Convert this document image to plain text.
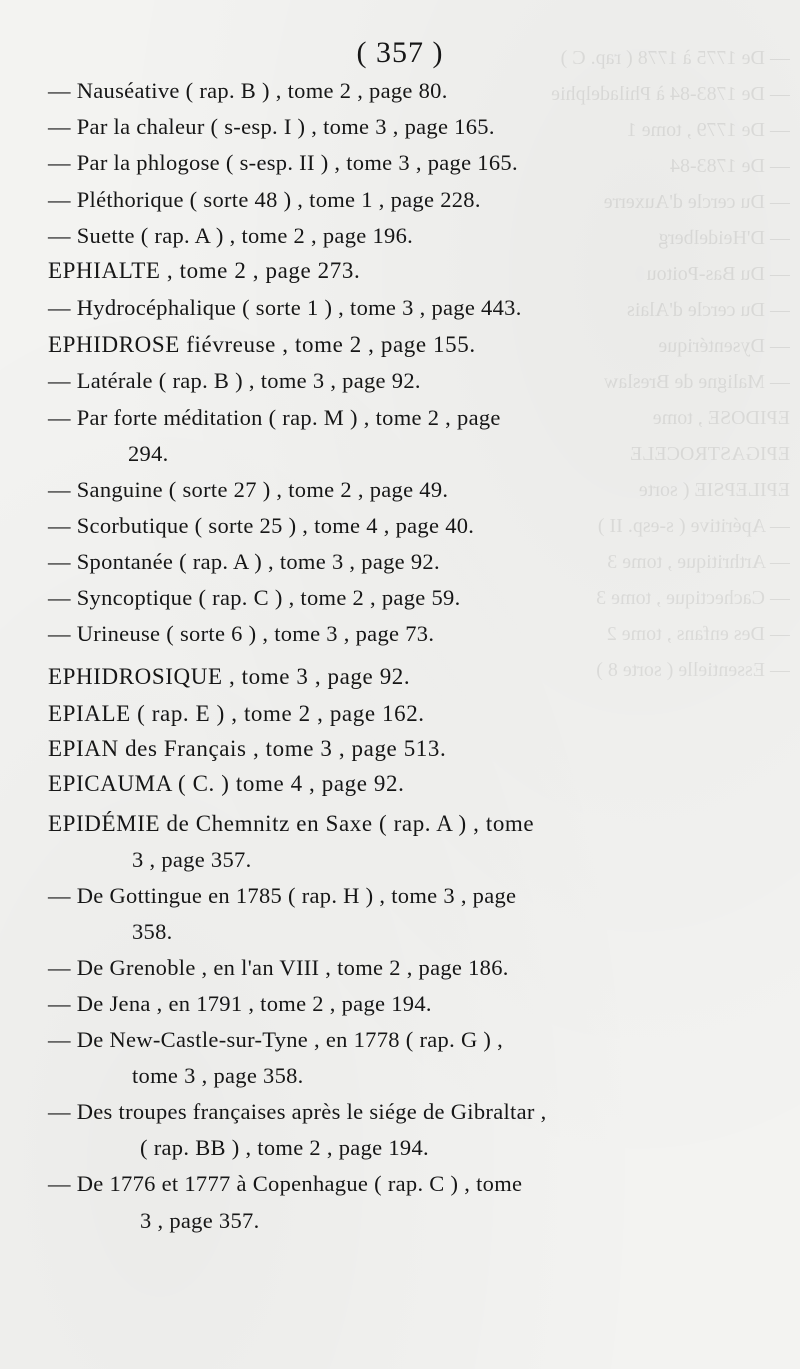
— De 1775 à 1778 ( rap. C )
— De 1783-84 à Philadelphie
— De 1779 , tome 1
— De 1783-84
— Du cercle d'Auxerre
— D'Heidelberg
— Du Bas-Poitou
— Du cercle d'Alais
— Dysentérique
— Maligne de Breslaw
EPIDOSE , tome
EPIGASTROCELE
EPILEPSIE ( sorte
— Apéritive ( s-esp. II )
— Arthritique , tome 3
— Cachectique , tome 3
— Des enfans , tome 2
— Essentielle ( sorte 8 )
( 357 )
— Nauséative ( rap. B ) , tome 2 , page 80.
— Par la chaleur ( s-esp. I ) , tome 3 , page 165.
— Par la phlogose ( s-esp. II ) , tome 3 , page 165.
— Pléthorique ( sorte 48 ) , tome 1 , page 228.
— Suette ( rap. A ) , tome 2 , page 196.
EPHIALTE , tome 2 , page 273.
— Hydrocéphalique ( sorte 1 ) , tome 3 , page 443.
EPHIDROSE fiévreuse , tome 2 , page 155.
— Latérale ( rap. B ) , tome 3 , page 92.
— Par forte méditation ( rap. M ) , tome 2 , page
294.
— Sanguine ( sorte 27 ) , tome 2 , page 49.
— Scorbutique ( sorte 25 ) , tome 4 , page 40.
— Spontanée ( rap. A ) , tome 3 , page 92.
— Syncoptique ( rap. C ) , tome 2 , page 59.
— Urineuse ( sorte 6 ) , tome 3 , page 73.
EPHIDROSIQUE , tome 3 , page 92.
EPIALE ( rap. E ) , tome 2 , page 162.
EPIAN des Français , tome 3 , page 513.
EPICAUMA ( C. ) tome 4 , page 92.
EPIDÉMIE de Chemnitz en Saxe ( rap. A ) , tome
3 , page 357.
— De Gottingue en 1785 ( rap. H ) , tome 3 , page
358.
— De Grenoble , en l'an VIII , tome 2 , page 186.
— De Jena , en 1791 , tome 2 , page 194.
— De New-Castle-sur-Tyne , en 1778 ( rap. G ) ,
tome 3 , page 358.
— Des troupes françaises après le siége de Gibraltar ,
( rap. BB ) , tome 2 , page 194.
— De 1776 et 1777 à Copenhague ( rap. C ) , tome
3 , page 357.
